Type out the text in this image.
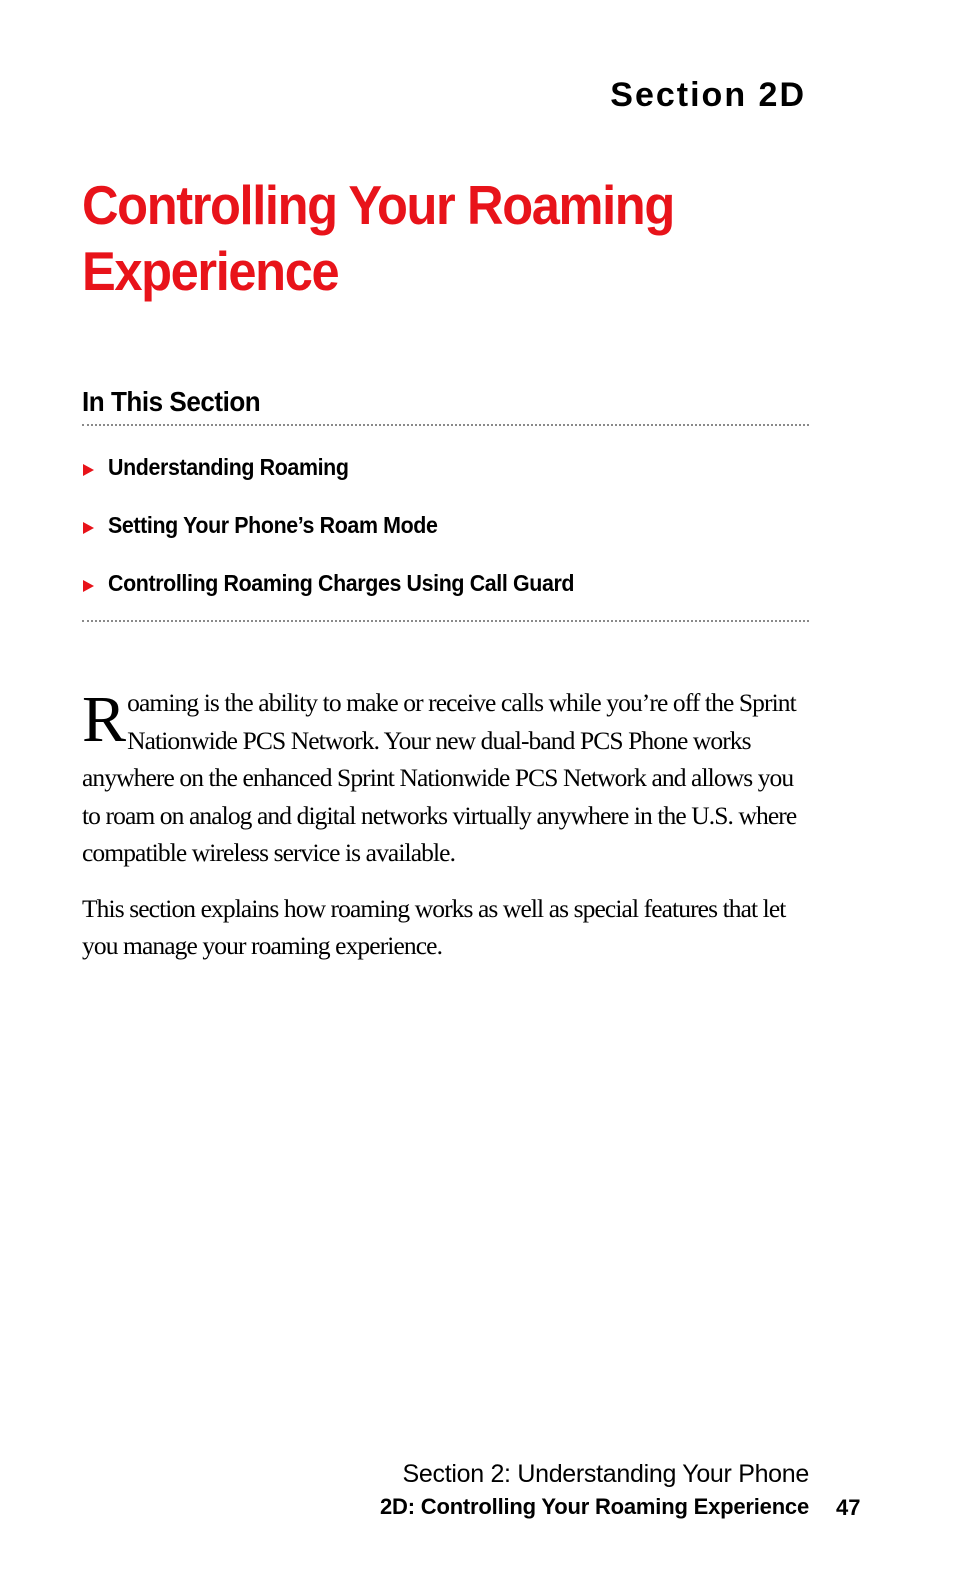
Section 2D
Controlling Your Roaming
Experience
In This Section
Understanding Roaming
Setting Your Phone’s Roam Mode
Controlling Roaming Charges Using Call Guard

Roaming is the ability to make or receive calls while you’re off the Sprint Nationwide PCS Network. Your new dual-band PCS Phone works anywhere on the enhanced Sprint Nationwide PCS Network and allows you to roam on analog and digital networks virtually anywhere in the U.S. where compatible wireless service is available.

This section explains how roaming works as well as special features that let you manage your roaming experience.

Section 2: Understanding Your Phone
2D: Controlling Your Roaming Experience 47
